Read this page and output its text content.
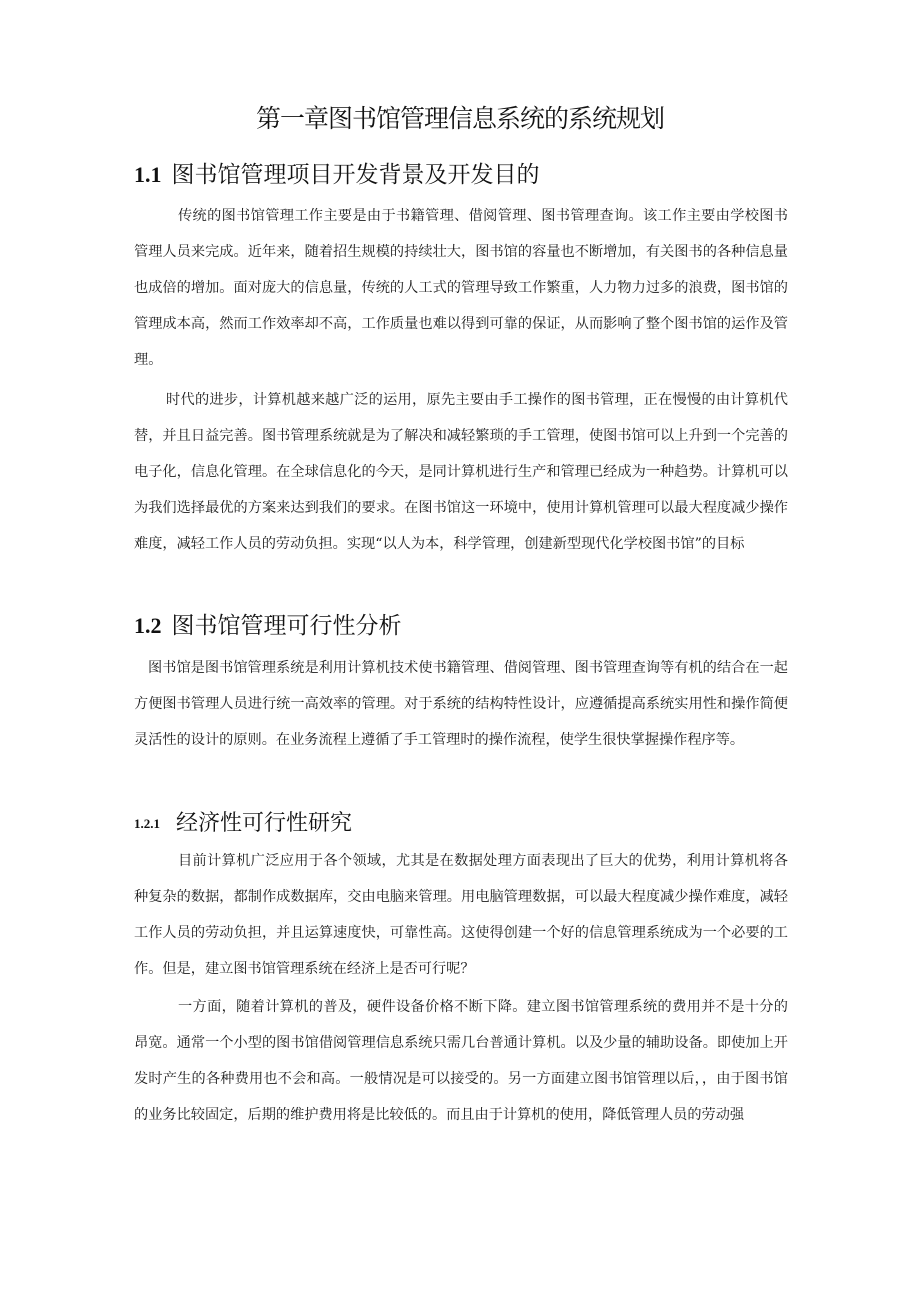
第一章图书馆管理信息系统的系统规划
1.1 图书馆管理项目开发背景及开发目的

传统的图书馆管理工作主要是由于书籍管理、借阅管理、图书管理查询。该工作主要由学校图书管理人员来完成。近年来，随着招生规模的持续壮大，图书馆的容量也不断增加，有关图书的各种信息量也成倍的增加。面对庞大的信息量，传统的人工式的管理导致工作繁重，人力物力过多的浪费，图书馆的管理成本高，然而工作效率却不高，工作质量也难以得到可靠的保证，从而影响了整个图书馆的运作及管理。

时代的进步，计算机越来越广泛的运用，原先主要由手工操作的图书管理，正在慢慢的由计算机代替，并且日益完善。图书管理系统就是为了解决和减轻繁琐的手工管理，使图书馆可以上升到一个完善的电子化，信息化管理。在全球信息化的今天，是同计算机进行生产和管理已经成为一种趋势。计算机可以为我们选择最优的方案来达到我们的要求。在图书馆这一环境中，使用计算机管理可以最大程度减少操作难度，减轻工作人员的劳动负担。实现“以人为本，科学管理，创建新型现代化学校图书馆”的目标

1.2 图书馆管理可行性分析

图书馆是图书馆管理系统是利用计算机技术使书籍管理、借阅管理、图书管理查询等有机的结合在一起方便图书管理人员进行统一高效率的管理。对于系统的结构特性设计，应遵循提高系统实用性和操作简便灵活性的设计的原则。在业务流程上遵循了手工管理时的操作流程，使学生很快掌握操作程序等。

1.2.1 经济性可行性研究

目前计算机广泛应用于各个领域，尤其是在数据处理方面表现出了巨大的优势，利用计算机将各种复杂的数据，都制作成数据库，交由电脑来管理。用电脑管理数据，可以最大程度减少操作难度，减轻工作人员的劳动负担，并且运算速度快，可靠性高。这使得创建一个好的信息管理系统成为一个必要的工作。但是，建立图书馆管理系统在经济上是否可行呢？

一方面，随着计算机的普及，硬件设备价格不断下降。建立图书馆管理系统的费用并不是十分的昂宽。通常一个小型的图书馆借阅管理信息系统只需几台普通计算机。以及少量的辅助设备。即使加上开发时产生的各种费用也不会和高。一般情况是可以接受的。另一方面建立图书馆管理以后，，由于图书馆的业务比较固定，后期的维护费用将是比较低的。而且由于计算机的使用，降低管理人员的劳动强
